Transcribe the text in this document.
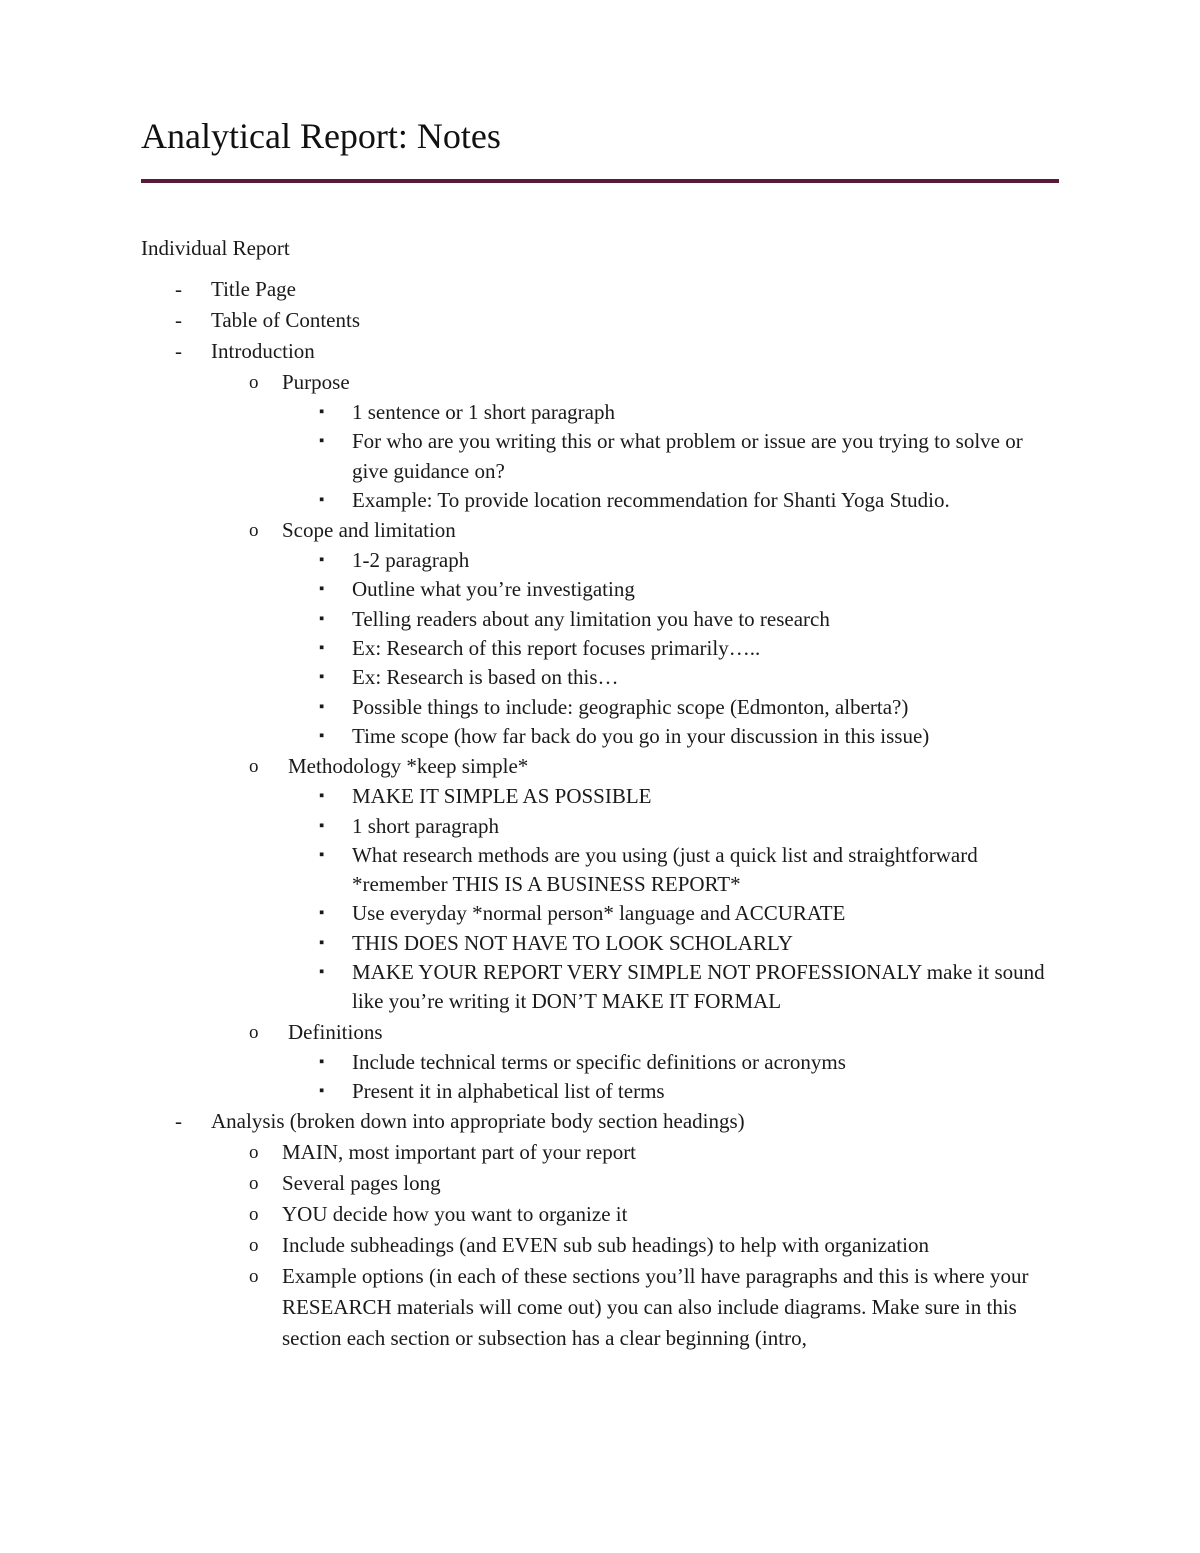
Analytical Report: Notes
Individual Report
- Title Page
- Table of Contents
- Introduction
o Purpose
▪ 1 sentence or 1 short paragraph
▪ For who are you writing this or what problem or issue are you trying to solve or give guidance on?
▪ Example: To provide location recommendation for Shanti Yoga Studio.
o Scope and limitation
▪ 1-2 paragraph
▪ Outline what you’re investigating
▪ Telling readers about any limitation you have to research
▪ Ex: Research of this report focuses primarily…..
▪ Ex: Research is based on this…
▪ Possible things to include: geographic scope (Edmonton, alberta?)
▪ Time scope (how far back do you go in your discussion in this issue)
o Methodology *keep simple*
▪ MAKE IT SIMPLE AS POSSIBLE
▪ 1 short paragraph
▪ What research methods are you using (just a quick list and straightforward *remember THIS IS A BUSINESS REPORT*
▪ Use everyday *normal person* language and ACCURATE
▪ THIS DOES NOT HAVE TO LOOK SCHOLARLY
▪ MAKE YOUR REPORT VERY SIMPLE NOT PROFESSIONALY make it sound like you’re writing it DON’T MAKE IT FORMAL
o Definitions
▪ Include technical terms or specific definitions or acronyms
▪ Present it in alphabetical list of terms
- Analysis (broken down into appropriate body section headings)
o MAIN, most important part of your report
o Several pages long
o YOU decide how you want to organize it
o Include subheadings (and EVEN sub sub headings) to help with organization
o Example options (in each of these sections you’ll have paragraphs and this is where your RESEARCH materials will come out) you can also include diagrams. Make sure in this section each section or subsection has a clear beginning (intro,
